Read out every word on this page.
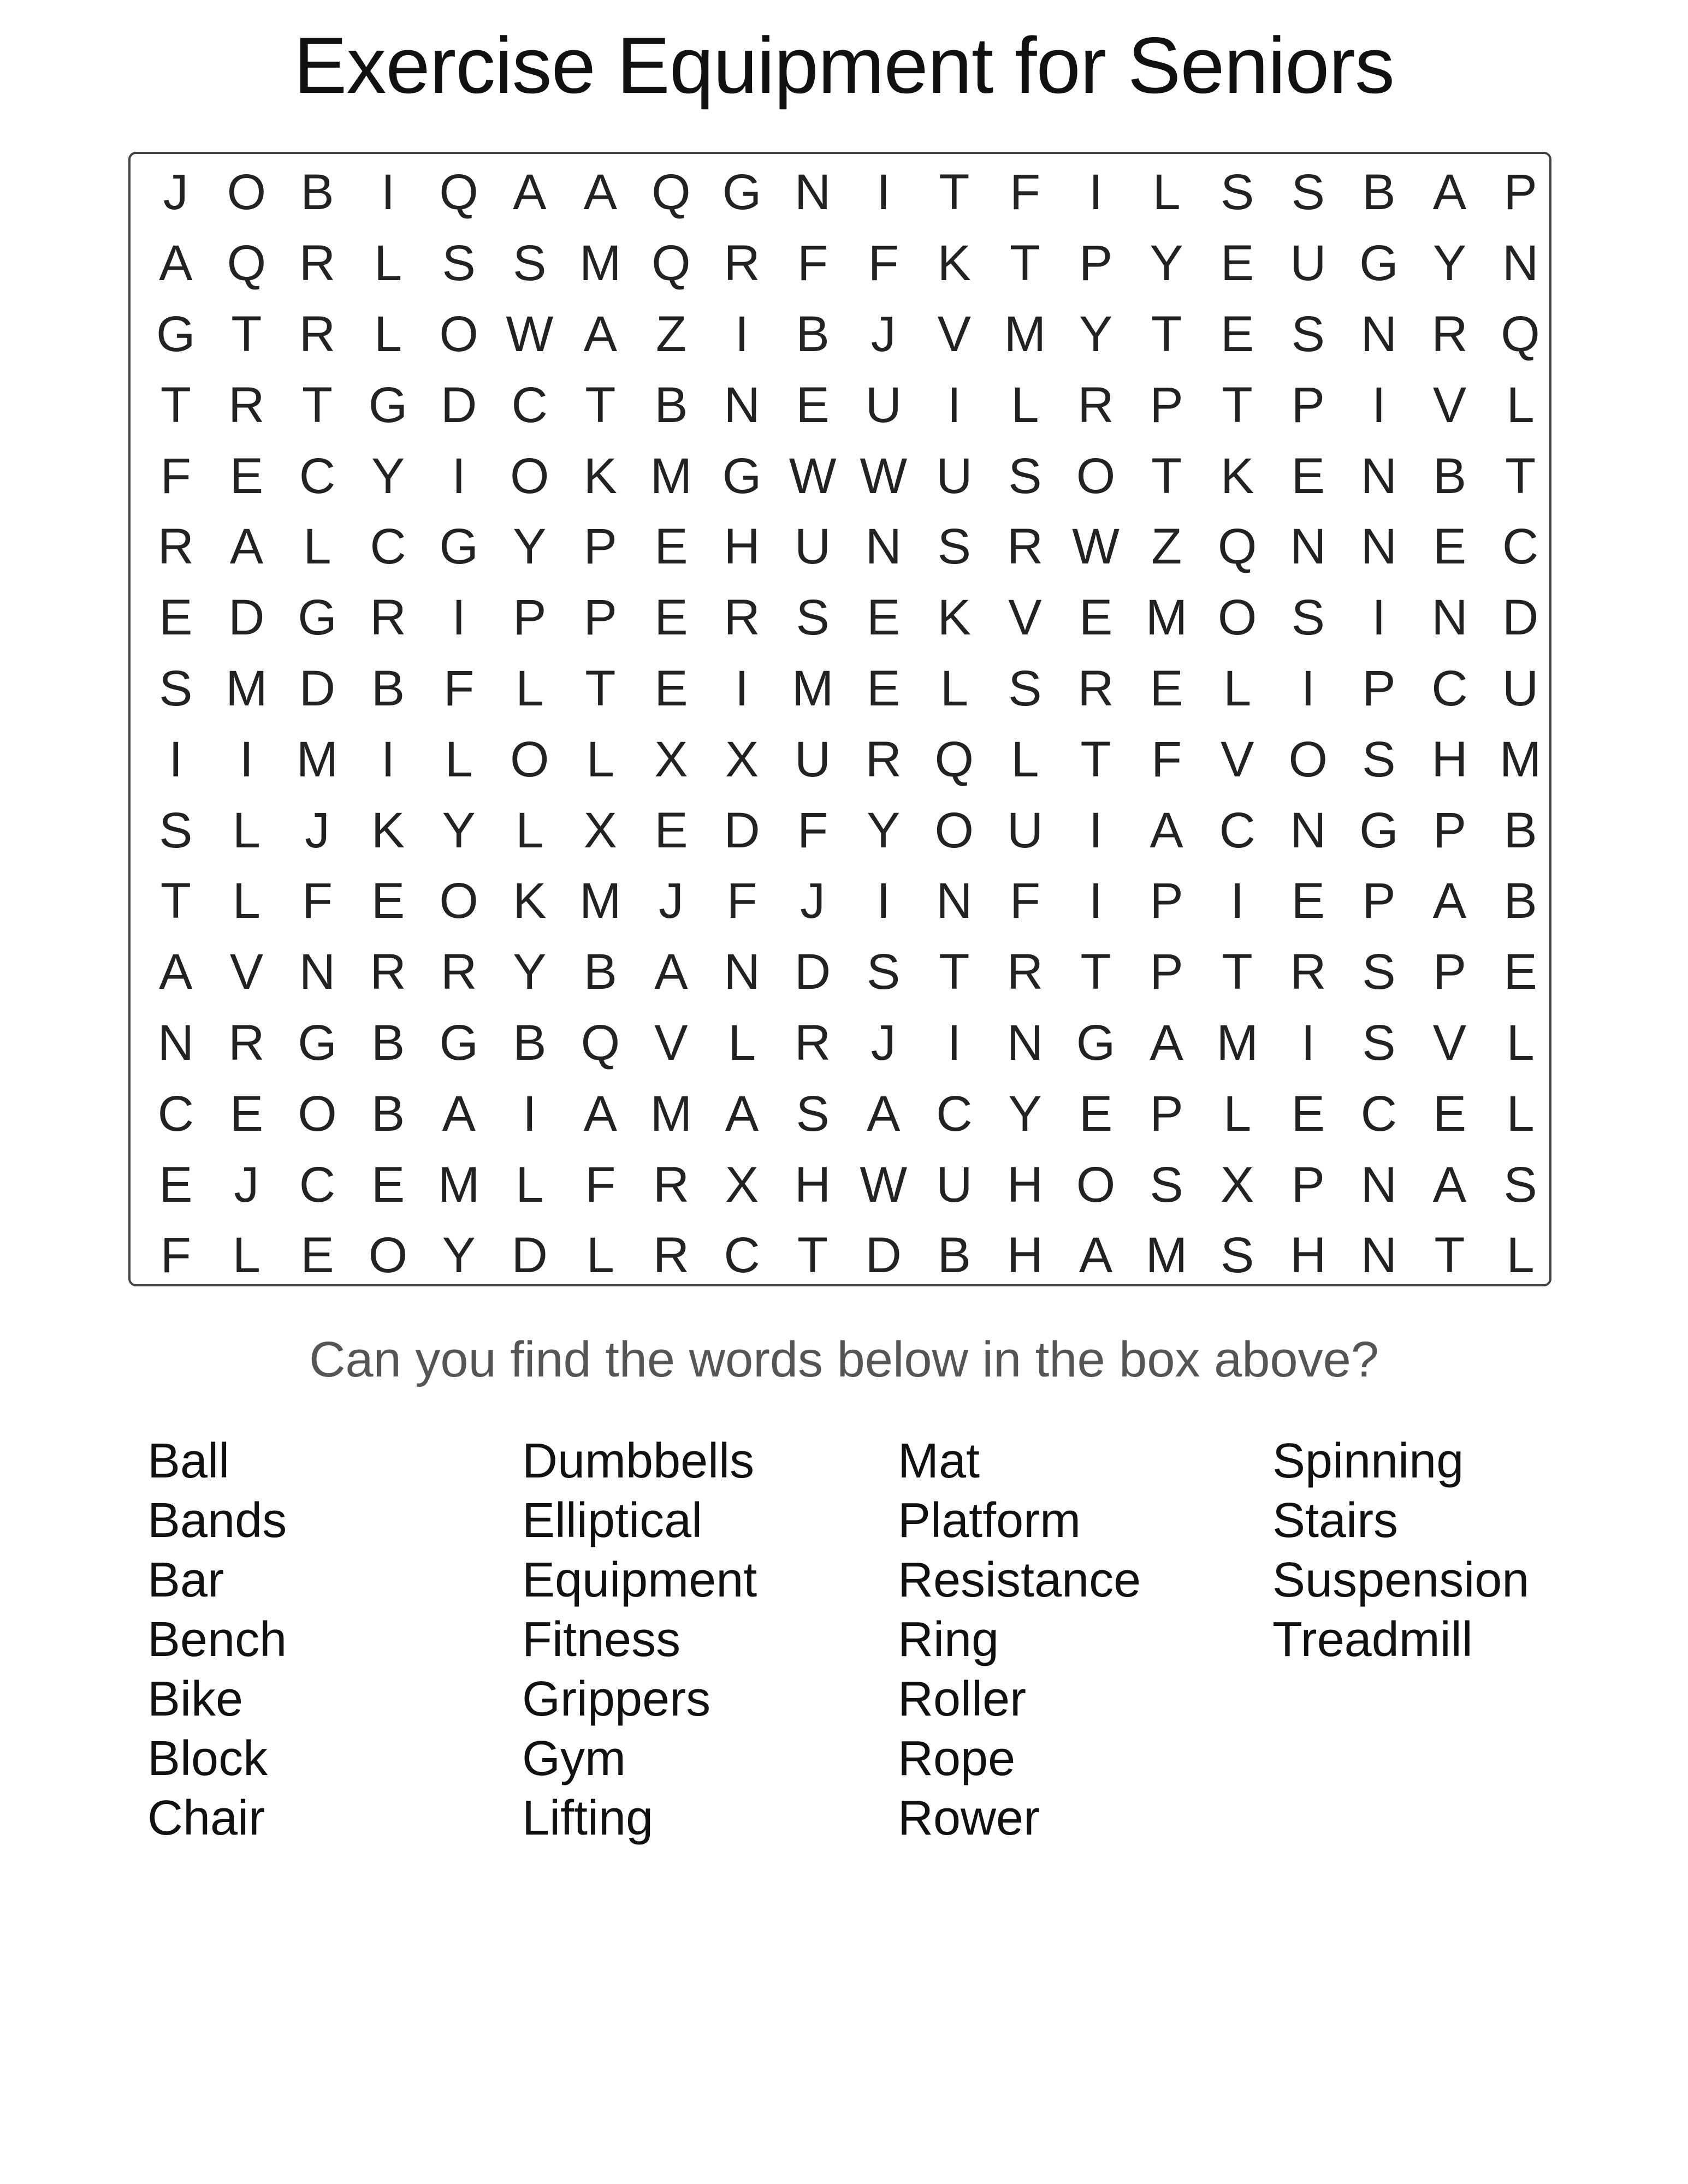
Exercise Equipment for Seniors
J O B I Q A A Q G N I T F I L S S B A P
A Q R L S S M Q R F F K T P Y E U G Y N
G T R L O W A Z I B J V M Y T E S N R Q
T R T G D C T B N E U I L R P T P I V L
F E C Y I O K M G W W U S O T K E N B T
R A L C G Y P E H U N S R W Z Q N N E C
E D G R I P P E R S E K V E M O S I N D
S M D B F L T E I M E L S R E L I P C U
I	I M I L O L X X U R Q L T F V O S H M
S L J K Y L X E D F Y O U I A C N G P B
T L F E O K M J F J	I N F I P I E P A B
A V N R R Y B A N D S T R T P T R S P E
N R G B G B Q V L R J	I N G A M I S V L
C E O B A I A M A S A C Y E P L E C E L
E J C E M L F R X H W U H O S X P N A S
F L E O Y D L R C T D B H A M S H N T L
Can you find the words below in the box above?
Ball
Bands
Bar
Bench
Bike
Block
Chair
Dumbbells
Elliptical
Equipment
Fitness
Grippers
Gym
Lifting
Mat
Platform
Resistance
Ring
Roller
Rope
Rower
Spinning
Stairs
Suspension
Treadmill
